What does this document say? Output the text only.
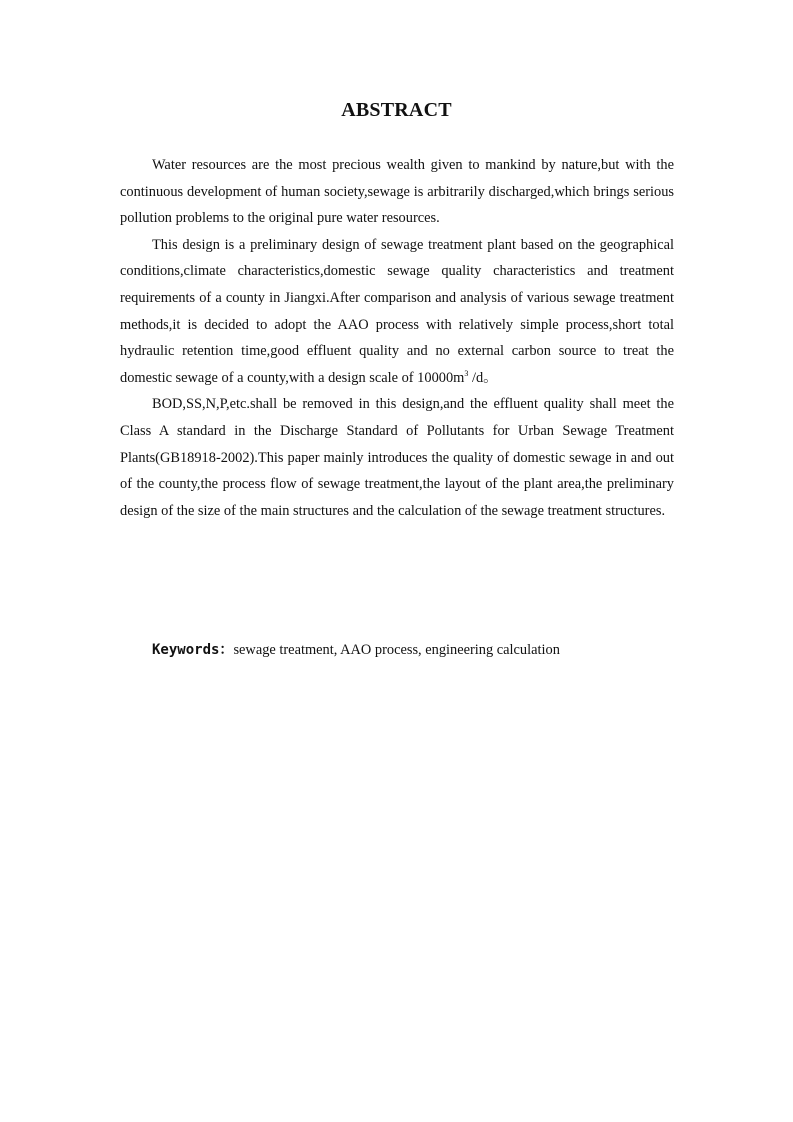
ABSTRACT

Water resources are the most precious wealth given to mankind by nature,but with the continuous development of human society,sewage is arbitrarily discharged,which brings serious pollution problems to the original pure water resources.

This design is a preliminary design of sewage treatment plant based on the geographical conditions,climate characteristics,domestic sewage quality characteristics and treatment requirements of a county in Jiangxi.After comparison and analysis of various sewage treatment methods,it is decided to adopt the AAO process with relatively simple process,short total hydraulic retention time,good effluent quality and no external carbon source to treat the domestic sewage of a county,with a design scale of $10000m^3$ /d。

BOD,SS,N,P,etc.shall be removed in this design,and the effluent quality shall meet the Class A standard in the Discharge Standard of Pollutants for Urban Sewage Treatment Plants(GB18918-2002).This paper mainly introduces the quality of domestic sewage in and out of the county,the process flow of sewage treatment,the layout of the plant area,the preliminary design of the size of the main structures and the calculation of the sewage treatment structures.

Keywords：sewage treatment, AAO process, engineering calculation
